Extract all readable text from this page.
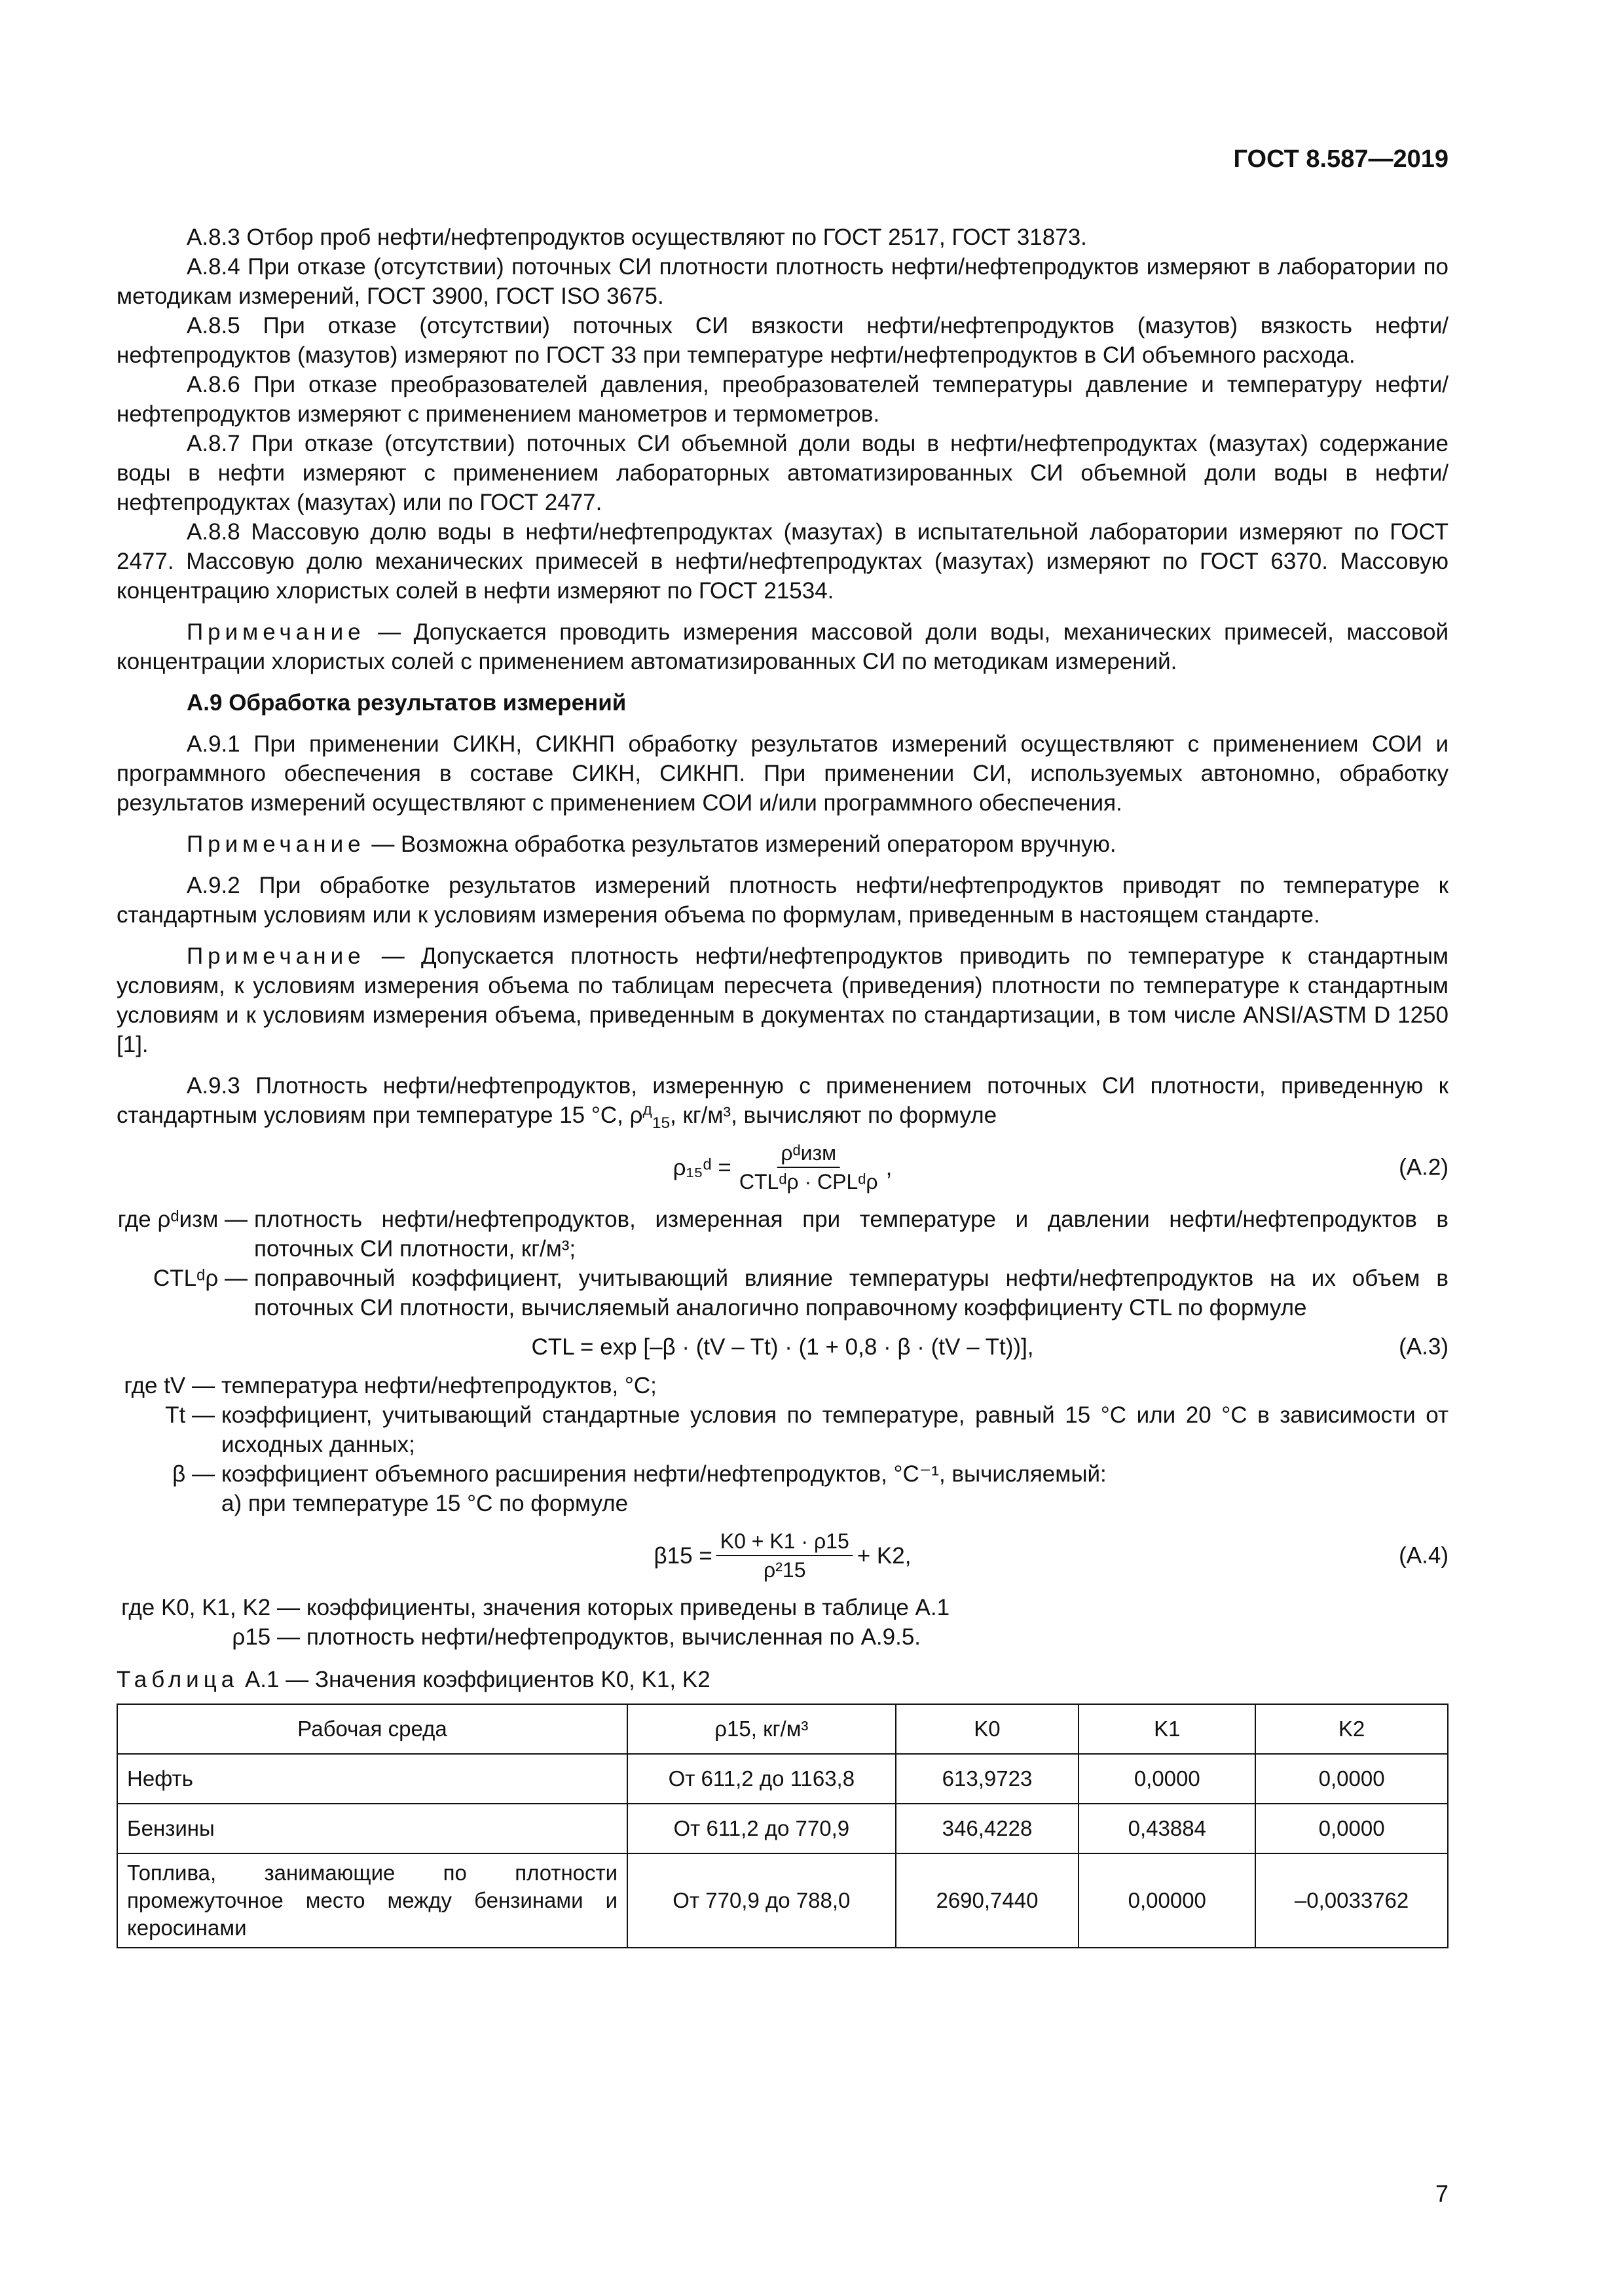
ГОСТ 8.587—2019

А.8.3 Отбор проб нефти/нефтепродуктов осуществляют по ГОСТ 2517, ГОСТ 31873.

А.8.4 При отказе (отсутствии) поточных СИ плотности плотность нефти/нефтепродуктов измеряют в лаборатории по методикам измерений, ГОСТ 3900, ГОСТ ISO 3675.

А.8.5 При отказе (отсутствии) поточных СИ вязкости нефти/нефтепродуктов (мазутов) вязкость нефти/нефтепродуктов (мазутов) измеряют по ГОСТ 33 при температуре нефти/нефтепродуктов в СИ объемного расхода.

А.8.6 При отказе преобразователей давления, преобразователей температуры давление и температуру нефти/нефтепродуктов измеряют с применением манометров и термометров.

А.8.7 При отказе (отсутствии) поточных СИ объемной доли воды в нефти/нефтепродуктах (мазутах) содержание воды в нефти измеряют с применением лабораторных автоматизированных СИ объемной доли воды в нефти/нефтепродуктах (мазутах) или по ГОСТ 2477.

А.8.8 Массовую долю воды в нефти/нефтепродуктах (мазутах) в испытательной лаборатории измеряют по ГОСТ 2477. Массовую долю механических примесей в нефти/нефтепродуктах (мазутах) измеряют по ГОСТ 6370. Массовую концентрацию хлористых солей в нефти измеряют по ГОСТ 21534.

Примечание — Допускается проводить измерения массовой доли воды, механических примесей, массовой концентрации хлористых солей с применением автоматизированных СИ по методикам измерений.

А.9 Обработка результатов измерений

А.9.1 При применении СИКН, СИКНП обработку результатов измерений осуществляют с применением СОИ и программного обеспечения в составе СИКН, СИКНП. При применении СИ, используемых автономно, обработку результатов измерений осуществляют с применением СОИ и/или программного обеспечения.

Примечание — Возможна обработка результатов измерений оператором вручную.

А.9.2 При обработке результатов измерений плотность нефти/нефтепродуктов приводят по температуре к стандартным условиям или к условиям измерения объема по формулам, приведенным в настоящем стандарте.

Примечание — Допускается плотность нефти/нефтепродуктов приводить по температуре к стандартным условиям, к условиям измерения объема по таблицам пересчета (приведения) плотности по температуре к стандартным условиям и к условиям измерения объема, приведенным в документах по стандартизации, в том числе ANSI/ASTM D 1250 [1].

А.9.3 Плотность нефти/нефтепродуктов, измеренную с применением поточных СИ плотности, приведенную к стандартным условиям при температуре 15 °С, $\rho^д_{15}$, кг/м³, вычисляют по формуле

ρ₁₅ᵈ = $\frac{\text{ρᵈизм}}{\text{CTLᵈρ · CPLᵈρ}}$ ,	(А.2)
где ρᵈизм — плотность нефти/нефтепродуктов, измеренная при температуре и давлении нефти/нефтепродуктов в поточных СИ плотности, кг/м³;
CTLᵈρ — поправочный коэффициент, учитывающий влияние температуры нефти/нефтепродуктов на их объем в поточных СИ плотности, вычисляемый аналогично поправочному коэффициенту CTL по формуле
CTL = exp [–β · (tV – Tt) · (1 + 0,8 · β · (tV – Tt))],	(А.3)
где tV — температура нефти/нефтепродуктов, °С;
Tt — коэффициент, учитывающий стандартные условия по температуре, равный 15 °С или 20 °С в зависимости от исходных данных;
β — коэффициент объемного расширения нефти/нефтепродуктов, °С⁻¹, вычисляемый:
а) при температуре 15 °С по формуле
$\beta 15 = \frac{K0 + K1 \cdot \rho 15}{\text{ρ²15}} + K2$,	(А.4)
где K0, K1, K2 — коэффициенты, значения которых приведены в таблице А.1
ρ15 — плотность нефти/нефтепродуктов, вычисленная по А.9.5.

Таблица А.1 — Значения коэффициентов K0, K1, K2

Рабочая среда	ρ15, кг/м³	K0	K1	K2
Нефть	От 611,2 до 1163,8	613,9723	0,0000	0,0000
Бензины	От 611,2 до 770,9	346,4228	0,43884	0,0000
Топлива, занимающие по плотности промежуточное место между бензинами и керосинами	От 770,9 до 788,0	2690,7440	0,00000	–0,0033762
7
